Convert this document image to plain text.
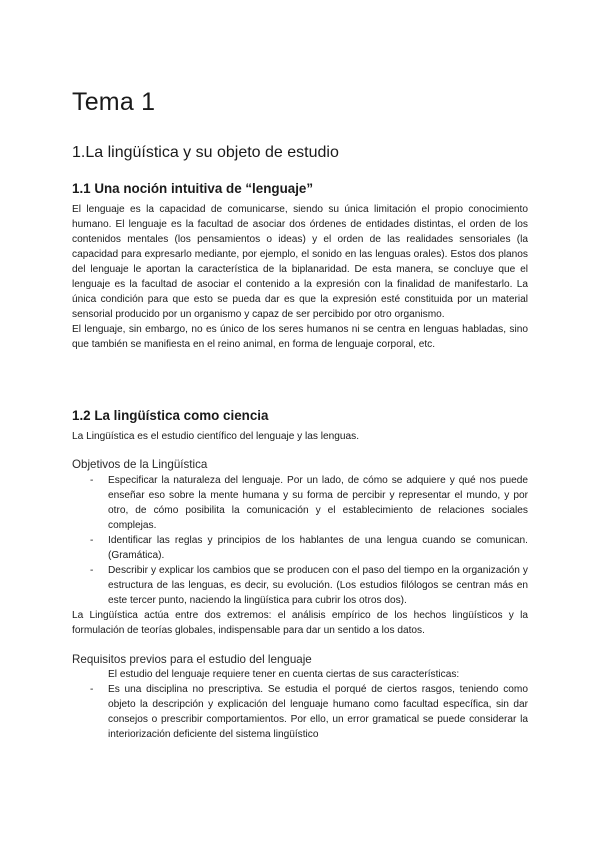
Tema 1
1.La lingüística y su objeto de estudio
1.1 Una noción intuitiva de “lenguaje”

El lenguaje es la capacidad de comunicarse, siendo su única limitación el propio conocimiento humano. El lenguaje es la facultad de asociar dos órdenes de entidades distintas, el orden de los contenidos mentales (los pensamientos o ideas) y el orden de las realidades sensoriales (la capacidad para expresarlo mediante, por ejemplo, el sonido en las lenguas orales). Estos dos planos del lenguaje le aportan la característica de la biplanaridad. De esta manera, se concluye que el lenguaje es la facultad de asociar el contenido a la expresión con la finalidad de manifestarlo. La única condición para que esto se pueda dar es que la expresión esté constituida por un material sensorial producido por un organismo y capaz de ser percibido por otro organismo.

El lenguaje, sin embargo, no es único de los seres humanos ni se centra en lenguas habladas, sino que también se manifiesta en el reino animal, en forma de lenguaje corporal, etc.

1.2 La lingüística como ciencia

La Lingüística es el estudio científico del lenguaje y las lenguas.

Objetivos de la Lingüística
- Especificar la naturaleza del lenguaje. Por un lado, de cómo se adquiere y qué nos puede enseñar eso sobre la mente humana y su forma de percibir y representar el mundo, y por otro, de cómo posibilita la comunicación y el establecimiento de relaciones sociales complejas.
- Identificar las reglas y principios de los hablantes de una lengua cuando se comunican. (Gramática).
- Describir y explicar los cambios que se producen con el paso del tiempo en la organización y estructura de las lenguas, es decir, su evolución. (Los estudios filólogos se centran más en este tercer punto, naciendo la lingüística para cubrir los otros dos).

La Lingüística actúa entre dos extremos: el análisis empírico de los hechos lingüísticos y la formulación de teorías globales, indispensable para dar un sentido a los datos.

Requisitos previos para el estudio del lenguaje

El estudio del lenguaje requiere tener en cuenta ciertas de sus características:

- Es una disciplina no prescriptiva. Se estudia el porqué de ciertos rasgos, teniendo como objeto la descripción y explicación del lenguaje humano como facultad específica, sin dar consejos o prescribir comportamientos. Por ello, un error gramatical se puede considerar la interiorización deficiente del sistema lingüístico
